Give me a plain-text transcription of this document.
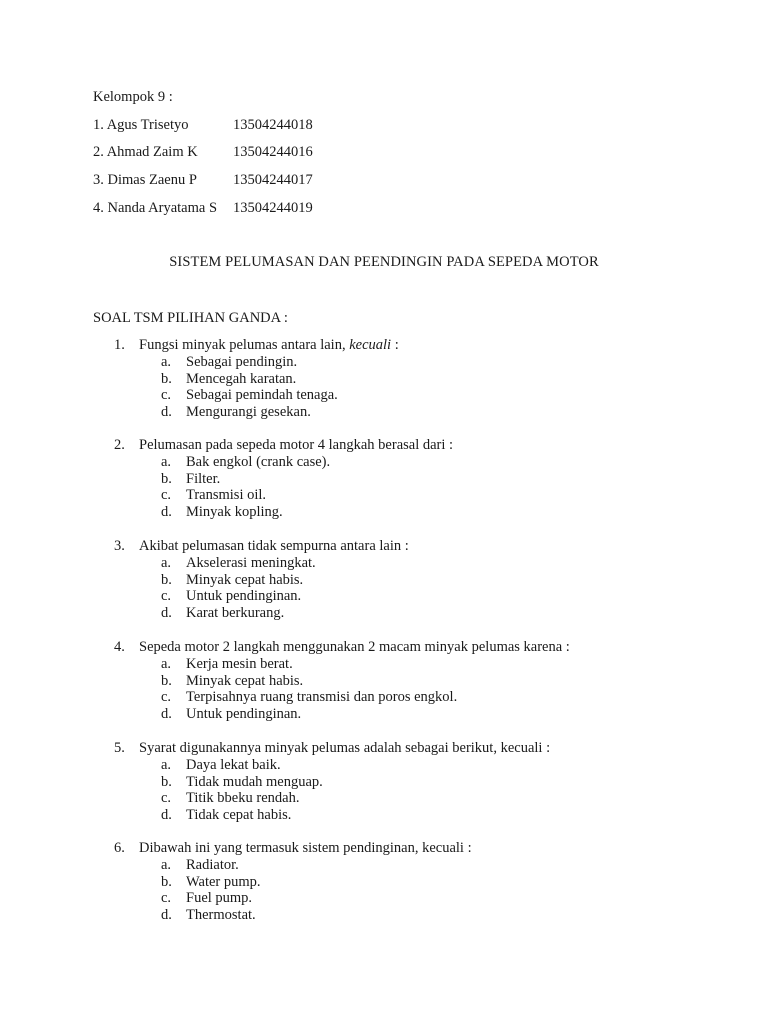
Kelompok 9 :
1. Agus Trisetyo	13504244018
2. Ahmad Zaim K 13504244016
3. Dimas Zaenu P 13504244017
4. Nanda Aryatama S 13504244019
SISTEM PELUMASAN DAN PEENDINGIN PADA SEPEDA MOTOR
SOAL TSM PILIHAN GANDA :
1. Fungsi minyak pelumas antara lain, kecuali :
a. Sebagai pendingin.
b. Mencegah karatan.
c. Sebagai pemindah tenaga.
d. Mengurangi gesekan.
2. Pelumasan pada sepeda motor 4 langkah berasal dari :
a. Bak engkol (crank case).
b. Filter.
c. Transmisi oil.
d. Minyak kopling.
3. Akibat pelumasan tidak sempurna antara lain :
a. Akselerasi meningkat.
b. Minyak cepat habis.
c. Untuk pendinginan.
d. Karat berkurang.
4. Sepeda motor 2 langkah menggunakan 2 macam minyak pelumas karena :
a. Kerja mesin berat.
b. Minyak cepat habis.
c. Terpisahnya ruang transmisi dan poros engkol.
d. Untuk pendinginan.
5. Syarat digunakannya minyak pelumas adalah sebagai berikut, kecuali :
a. Daya lekat baik.
b. Tidak mudah menguap.
c. Titik bbeku rendah.
d. Tidak cepat habis.
6. Dibawah ini yang termasuk sistem pendinginan, kecuali :
a. Radiator.
b. Water pump.
c. Fuel pump.
d. Thermostat.
